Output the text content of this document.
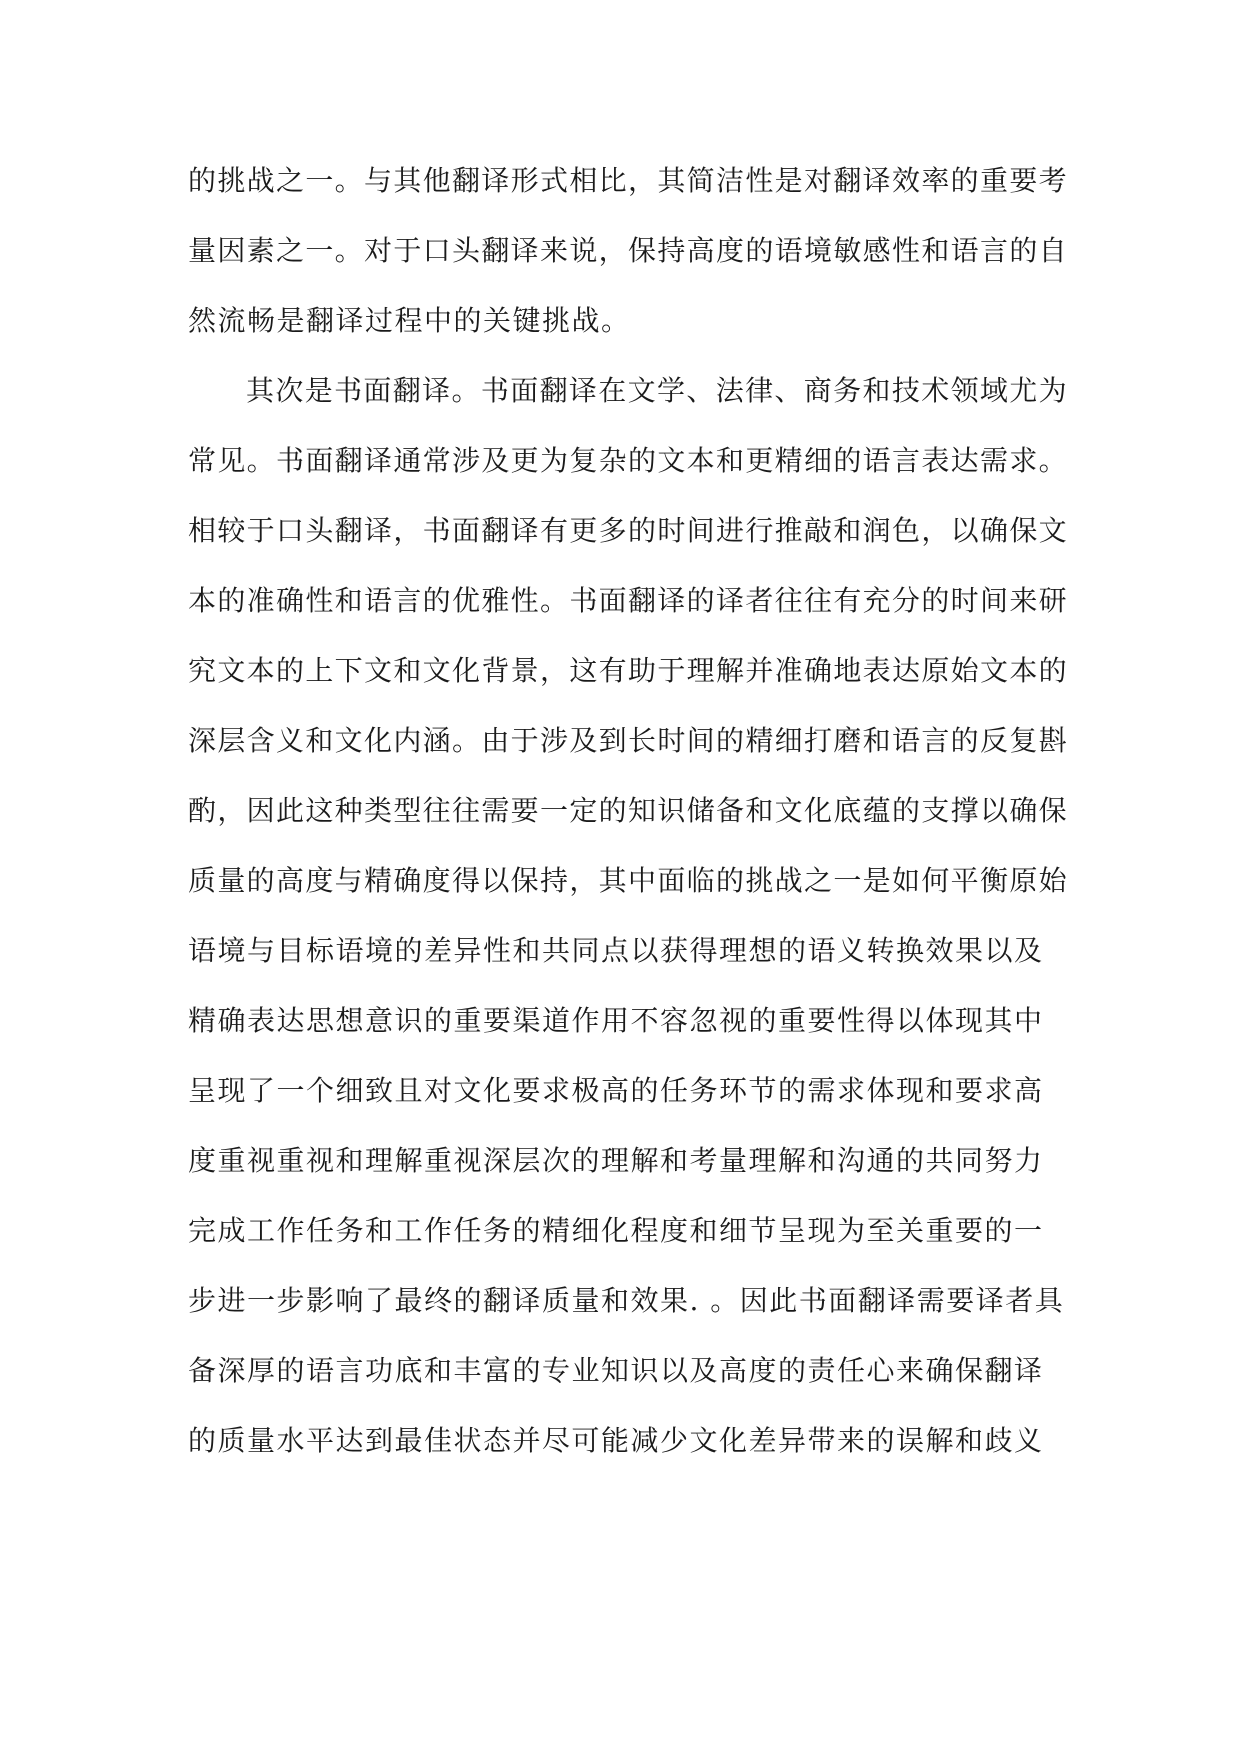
的挑战之一。与其他翻译形式相比，其简洁性是对翻译效率的重要考
量因素之一。对于口头翻译来说，保持高度的语境敏感性和语言的自
然流畅是翻译过程中的关键挑战。
其次是书面翻译。书面翻译在文学、法律、商务和技术领域尤为
常见。书面翻译通常涉及更为复杂的文本和更精细的语言表达需求。
相较于口头翻译，书面翻译有更多的时间进行推敲和润色，以确保文
本的准确性和语言的优雅性。书面翻译的译者往往有充分的时间来研
究文本的上下文和文化背景，这有助于理解并准确地表达原始文本的
深层含义和文化内涵。由于涉及到长时间的精细打磨和语言的反复斟
酌，因此这种类型往往需要一定的知识储备和文化底蕴的支撑以确保
质量的高度与精确度得以保持，其中面临的挑战之一是如何平衡原始
语境与目标语境的差异性和共同点以获得理想的语义转换效果以及
精确表达思想意识的重要渠道作用不容忽视的重要性得以体现其中
呈现了一个细致且对文化要求极高的任务环节的需求体现和要求高
度重视重视和理解重视深层次的理解和考量理解和沟通的共同努力
完成工作任务和工作任务的精细化程度和细节呈现为至关重要的一
步进一步影响了最终的翻译质量和效果. 。因此书面翻译需要译者具
备深厚的语言功底和丰富的专业知识以及高度的责任心来确保翻译
的质量水平达到最佳状态并尽可能减少文化差异带来的误解和歧义
